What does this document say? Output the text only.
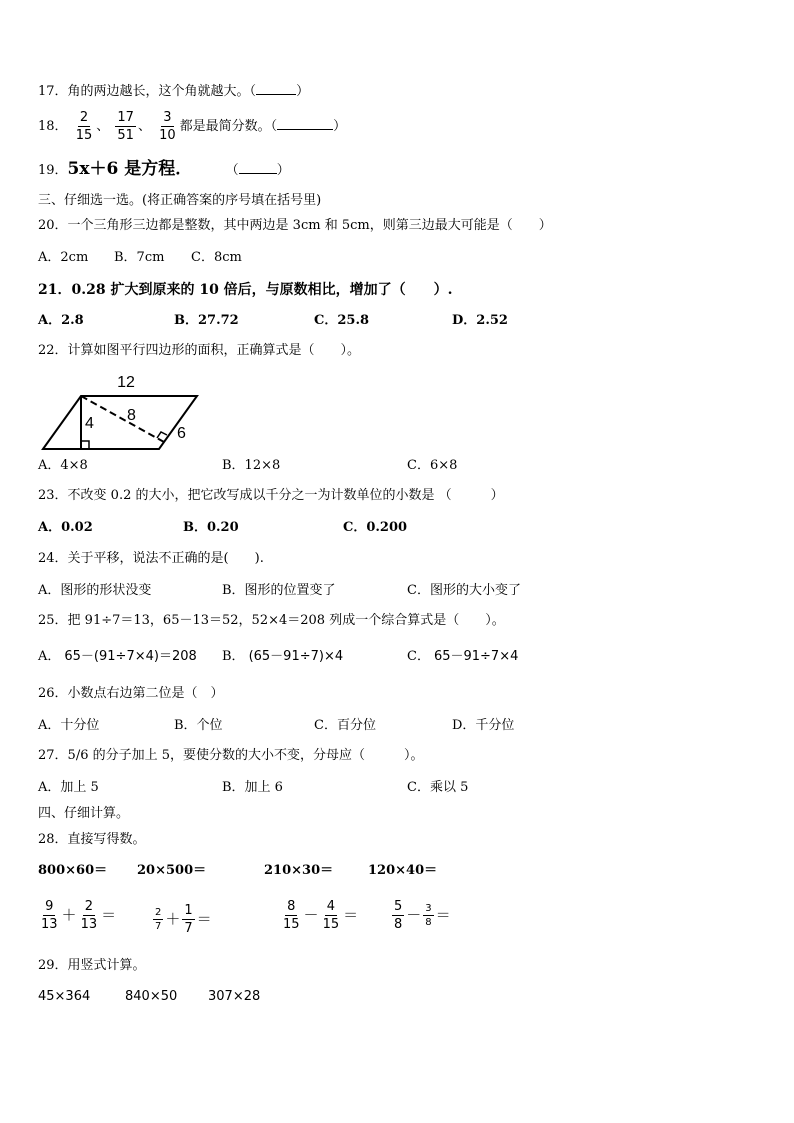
17．角的两边越长，这个角就越大。（	）
18． $\frac{2}{15}$ 、 $\frac{17}{51}$ 、 $\frac{3}{10}$ 都是最简分数。（	）
19．5x＋6 是方程．	（	）
三、仔细选一选。(将正确答案的序号填在括号里)
20．一个三角形三边都是整数，其中两边是 3cm 和 5cm，则第三边最大可能是（　　）
A．2cm B．7cm C．8cm
21．0.28 扩大到原来的 10 倍后，与原数相比，增加了（　　）.
A．2.8	B．27.72	C．25.8	D．2.52
22．计算如图平行四边形的面积，正确算式是（　　）。
12
4 8
6
A．4×8	B．12×8	C．6×8
23．不改变 0.2 的大小，把它改写成以千分之一为计数单位的小数是 （　　　）
A．0.02	B．0.20	C．0.200
24．关于平移，说法不正确的是(　　).
A．图形的形状没变	B．图形的位置变了	C．图形的大小变了
25．把 91÷7＝13，65－13＝52，52×4＝208 列成一个综合算式是（　　）。
A． 65－(91÷7×4)＝208 B． (65－91÷7)×4	C． 65－91÷7×4
26．小数点右边第二位是（　）
A．十分位	B．个位	C．百分位	D．千分位
27．5/6 的分子加上 5，要使分数的大小不变，分母应（　　　）。
A．加上 5	B．加上 6	C．乘以 5
四、仔细计算。
28．直接写得数。
800×60＝ 20×500＝	210×30＝	120×40＝
$\frac{9}{13} + \frac{2}{13}$ ＝	$\frac{2}{7} + \frac{1}{7}$ ＝	$\frac{8}{15} - \frac{4}{15}$ ＝	$\frac{5}{8} - \frac{3}{8}$ ＝
29．用竖式计算。
45×364	840×50 307×28
